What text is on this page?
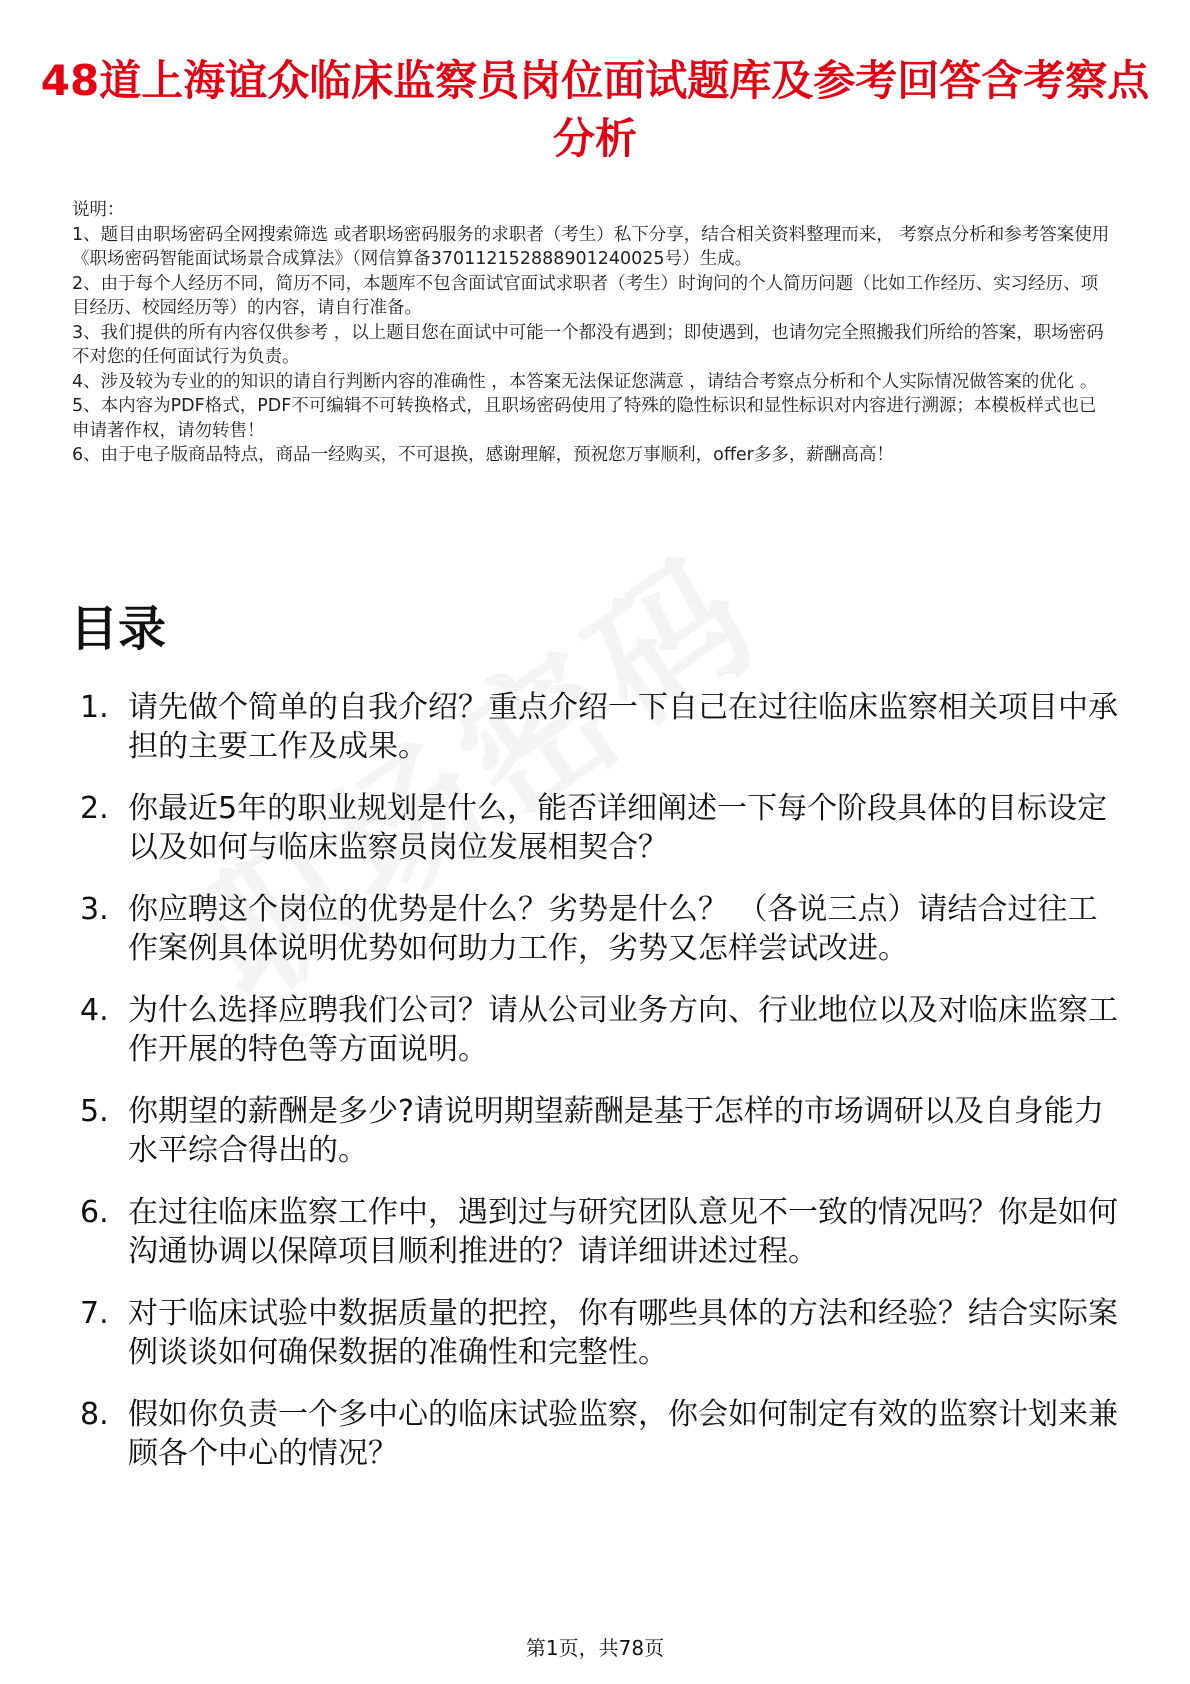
48道上海谊众临床监察员岗位面试题库及参考回答含考察点分析

说明：

1、题目由职场密码全网搜索筛选 或者职场密码服务的求职者（考生）私下分享，结合相关资料整理而来， 考察点分析和参考答案使用《职场密码智能面试场景合成算法》（网信算备370112152888901240025号）生成。

2、由于每个人经历不同，简历不同，本题库不包含面试官面试求职者（考生）时询问的个人简历问题（比如工作经历、实习经历、项目经历、校园经历等）的内容，请自行准备。

3、我们提供的所有内容仅供参考 ，以上题目您在面试中可能一个都没有遇到；即使遇到，也请勿完全照搬我们所给的答案，职场密码不对您的任何面试行为负责。

4、涉及较为专业的的知识的请自行判断内容的准确性 ，本答案无法保证您满意 ，请结合考察点分析和个人实际情况做答案的优化 。

5、本内容为PDF格式，PDF不可编辑不可转换格式，且职场密码使用了特殊的隐性标识和显性标识对内容进行溯源；本模板样式也已申请著作权，请勿转售！

6、由于电子版商品特点，商品一经购买，不可退换，感谢理解，预祝您万事顺利，offer多多，薪酬高高！

目录
1. 请先做个简单的自我介绍？重点介绍一下自己在过往临床监察相关项目中承担的主要工作及成果。
2. 你最近5年的职业规划是什么，能否详细阐述一下每个阶段具体的目标设定以及如何与临床监察员岗位发展相契合？
3. 你应聘这个岗位的优势是什么？劣势是什么？ （各说三点）请结合过往工作案例具体说明优势如何助力工作，劣势又怎样尝试改进。
4. 为什么选择应聘我们公司？请从公司业务方向、行业地位以及对临床监察工作开展的特色等方面说明。
5. 你期望的薪酬是多少?请说明期望薪酬是基于怎样的市场调研以及自身能力水平综合得出的。
6. 在过往临床监察工作中，遇到过与研究团队意见不一致的情况吗？你是如何沟通协调以保障项目顺利推进的？请详细讲述过程。
7. 对于临床试验中数据质量的把控，你有哪些具体的方法和经验？结合实际案例谈谈如何确保数据的准确性和完整性。
8. 假如你负责一个多中心的临床试验监察，你会如何制定有效的监察计划来兼顾各个中心的情况？
第1页，共78页
